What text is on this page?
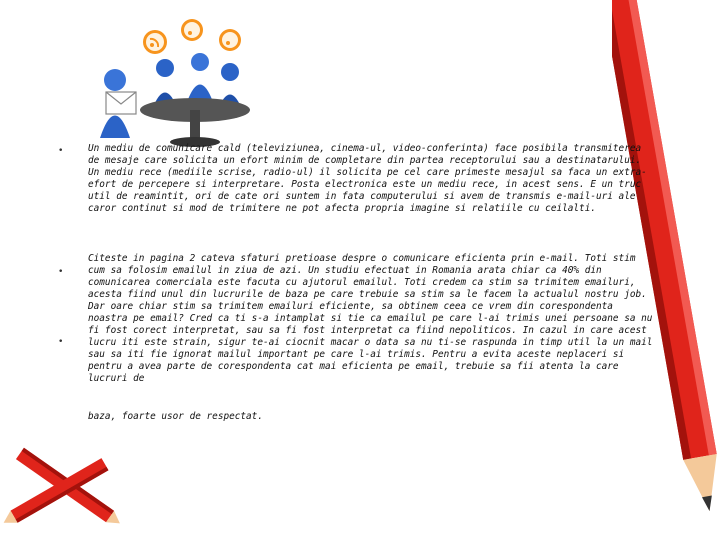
•
•
•
Un mediu de comunicare cald (televiziunea, cinema-ul, video-conferinta) face posibila transmiterea de mesaje care solicita un efort minim de completare din partea receptorului sau a destinatarului. Un mediu rece (mediile scrise, radio-ul) il solicita pe cel care primeste mesajul sa faca un extra-efort de percepere si interpretare. Posta electronica este un mediu rece, in acest sens. E un truc util de reamintit, ori de cate ori suntem in fata computerului si avem de transmis e-mail-uri ale caror continut si mod de trimitere ne pot afecta propria imagine si relatiile cu ceilalti.
Citeste in pagina 2 cateva sfaturi pretioase despre o comunicare eficienta prin e-mail. Toti stim cum sa folosim emailul in ziua de azi. Un studiu efectuat in Romania arata chiar ca 40% din comunicarea comerciala este facuta cu ajutorul emailul. Toti credem ca stim sa trimitem emailuri, acesta fiind unul din lucrurile de baza pe care trebuie sa stim sa le facem la actualul nostru job. Dar oare chiar stim sa trimitem emailuri eficiente, sa obtinem ceea ce vrem din corespondenta noastra pe email? Cred ca ti s-a intamplat si tie ca emailul pe care l-ai trimis unei persoane sa nu fi fost corect interpretat, sau sa fi fost interpretat ca fiind nepoliticos. In cazul in care acest lucru iti este strain, sigur te-ai ciocnit macar o data sa nu ti-se raspunda in timp util la un mail sau sa iti fie ignorat mailul important pe care l-ai trimis. Pentru a evita aceste neplaceri si pentru a avea parte de corespondenta cat mai eficienta pe email, trebuie sa fii atenta la care lucruri de
baza, foarte usor de respectat.
